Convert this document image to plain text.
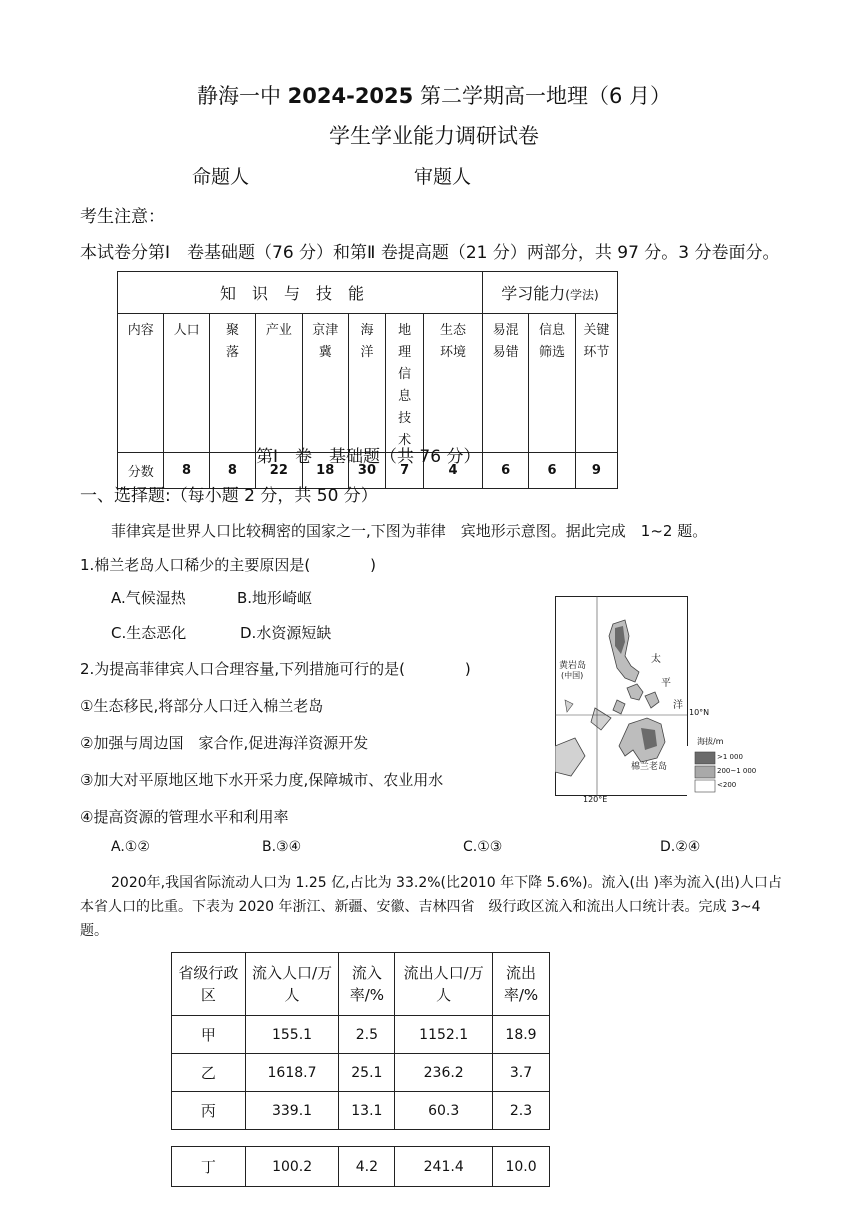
静海一中 2024-2025 第二学期高一地理（6 月）
学生学业能力调研试卷
命题人	审题人
考生注意：
本试卷分第Ⅰ　卷基础题（76 分）和第Ⅱ 卷提高题（21 分）两部分，共 97 分。3 分卷面分。
知识与技能								学习能力(学法)		
内容	人口	聚落	产业	京津冀	海洋	地理信息技术	生态环境	易混易错	信息筛选	关键环节
分数	8	8	22	18	30	7	4	6	6	9
第Ⅰ　卷　基础题（共 76 分）
一、选择题:（每小题 2 分，共 50 分）
菲律宾是世界人口比较稠密的国家之一,下图为菲律　宾地形示意图。据此完成　1~2 题。
1.棉兰老岛人口稀少的主要原因是(　　　　)
A.气候湿热	B.地形崎岖
C.生态恶化	D.水资源短缺
2.为提高菲律宾人口合理容量,下列措施可行的是(　　　　)
①生态移民,将部分人口迁入棉兰老岛
②加强与周边国　家合作,促进海洋资源开发
③加大对平原地区地下水开采力度,保障城市、农业用水
④提高资源的管理水平和利用率
A.①②	B.③④	C.①③	D.②④
2020年,我国省际流动人口为 1.25 亿,占比为 33.2%(比2010 年下降 5.6%)。流入(出 )率为流入(出)人口占
本省人口的比重。下表为 2020 年浙江、新疆、安徽、吉林四省　级行政区流入和流出人口统计表。完成 3~4
题。
黄岩岛
(中国)
太
平
洋
10°N
120°E
棉兰老岛
海拔/m
>1 000
200~1 000
<200
省级行政区	流入人口/万人	流入率/%	流出人口/万人	流出率/%
甲	155.1	2.5	1152.1	18.9
乙	1618.7	25.1	236.2	3.7
丙	339.1	13.1	60.3	2.3
丁	100.2	4.2	241.4	10.0
